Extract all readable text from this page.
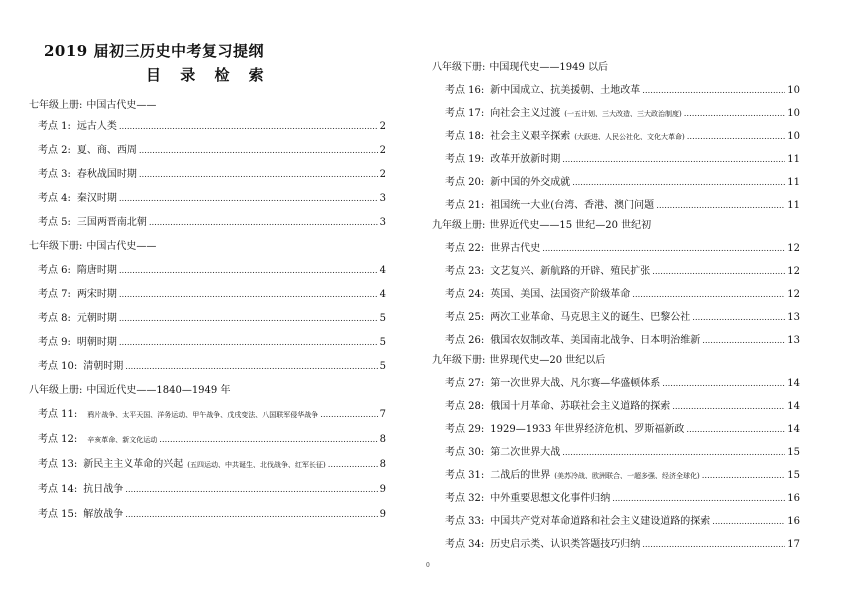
2019 届初三历史中考复习提纲
目 录 检 索
七年级上册: 中国古代史——
考点 1: 远古人类 ……………………………………………………………………………………………………………………………………………………………………………………………………………………………	2
考点 2: 夏、商、西周 ……………………………………………………………………………………………………………………………………………………………………………………………………………………………	2
考点 3: 春秋战国时期 ……………………………………………………………………………………………………………………………………………………………………………………………………………………………	2
考点 4: 秦汉时期 ……………………………………………………………………………………………………………………………………………………………………………………………………………………………	3
考点 5: 三国两晋南北朝 ……………………………………………………………………………………………………………………………………………………………………………………………………………………………	3
七年级下册: 中国古代史——
考点 6: 隋唐时期 ……………………………………………………………………………………………………………………………………………………………………………………………………………………………	4
考点 7: 两宋时期 ……………………………………………………………………………………………………………………………………………………………………………………………………………………………	4
考点 8: 元朝时期 ……………………………………………………………………………………………………………………………………………………………………………………………………………………………	5
考点 9: 明朝时期 ……………………………………………………………………………………………………………………………………………………………………………………………………………………………	5
考点 10: 清朝时期 ……………………………………………………………………………………………………………………………………………………………………………………………………………………………	5
八年级上册: 中国近代史——1840—1949 年
考点 11: 鸦片战争、太平天国、洋务运动、甲午战争、戊戌变法、八国联军侵华战争 ……………………………………………………………………………………………………………………………………………………………………………………………………………………………	7
考点 12: 辛亥革命、新文化运动 ……………………………………………………………………………………………………………………………………………………………………………………………………………………………	8
考点 13: 新民主主义革命的兴起 (五四运动、中共诞生、北伐战争、红军长征) ……………………………………………………………………………………………………………………………………………………………………………………………………………………………	8
考点 14: 抗日战争 ……………………………………………………………………………………………………………………………………………………………………………………………………………………………	9
考点 15: 解放战争 ……………………………………………………………………………………………………………………………………………………………………………………………………………………………	9
八年级下册: 中国现代史——1949 以后
考点 16: 新中国成立、抗美援朝、土地改革 ……………………………………………………………………………………………………………………………………………………………………………………………………………………………	10
考点 17: 向社会主义过渡 (一五计划、三大改造、三大政治制度) ……………………………………………………………………………………………………………………………………………………………………………………………………………………………	10
考点 18: 社会主义艰辛探索 (大跃进、人民公社化、文化大革命) ……………………………………………………………………………………………………………………………………………………………………………………………………………………………	10
考点 19: 改革开放新时期 ……………………………………………………………………………………………………………………………………………………………………………………………………………………………	11
考点 20: 新中国的外交成就 ……………………………………………………………………………………………………………………………………………………………………………………………………………………………	11
考点 21: 祖国统一大业(台湾、香港、澳门问题 ……………………………………………………………………………………………………………………………………………………………………………………………………………………………	11
九年级上册: 世界近代史——15 世纪—20 世纪初
考点 22: 世界古代史 ……………………………………………………………………………………………………………………………………………………………………………………………………………………………	12
考点 23: 文艺复兴、新航路的开辟、殖民扩张 ……………………………………………………………………………………………………………………………………………………………………………………………………………………………	12
考点 24: 英国、美国、法国资产阶级革命 ……………………………………………………………………………………………………………………………………………………………………………………………………………………………	12
考点 25: 两次工业革命、马克思主义的诞生、巴黎公社 ……………………………………………………………………………………………………………………………………………………………………………………………………………………………	13
考点 26: 俄国农奴制改革、美国南北战争、日本明治维新 ……………………………………………………………………………………………………………………………………………………………………………………………………………………………	13
九年级下册: 世界现代史—20 世纪以后
考点 27: 第一次世界大战、凡尔赛—华盛顿体系 ……………………………………………………………………………………………………………………………………………………………………………………………………………………………	14
考点 28: 俄国十月革命、苏联社会主义道路的探索 ……………………………………………………………………………………………………………………………………………………………………………………………………………………………	14
考点 29: 1929—1933 年世界经济危机、罗斯福新政 ……………………………………………………………………………………………………………………………………………………………………………………………………………………………	14
考点 30: 第二次世界大战 ……………………………………………………………………………………………………………………………………………………………………………………………………………………………	15
考点 31: 二战后的世界 (美苏冷战、欧洲联合、一超多强、经济全球化) ……………………………………………………………………………………………………………………………………………………………………………………………………………………………	15
考点 32: 中外重要思想文化事件归纳 ……………………………………………………………………………………………………………………………………………………………………………………………………………………………	16
考点 33: 中国共产党对革命道路和社会主义建设道路的探索 ……………………………………………………………………………………………………………………………………………………………………………………………………………………………	16
考点 34: 历史启示类、认识类答题技巧归纳 ……………………………………………………………………………………………………………………………………………………………………………………………………………………………	17
0
